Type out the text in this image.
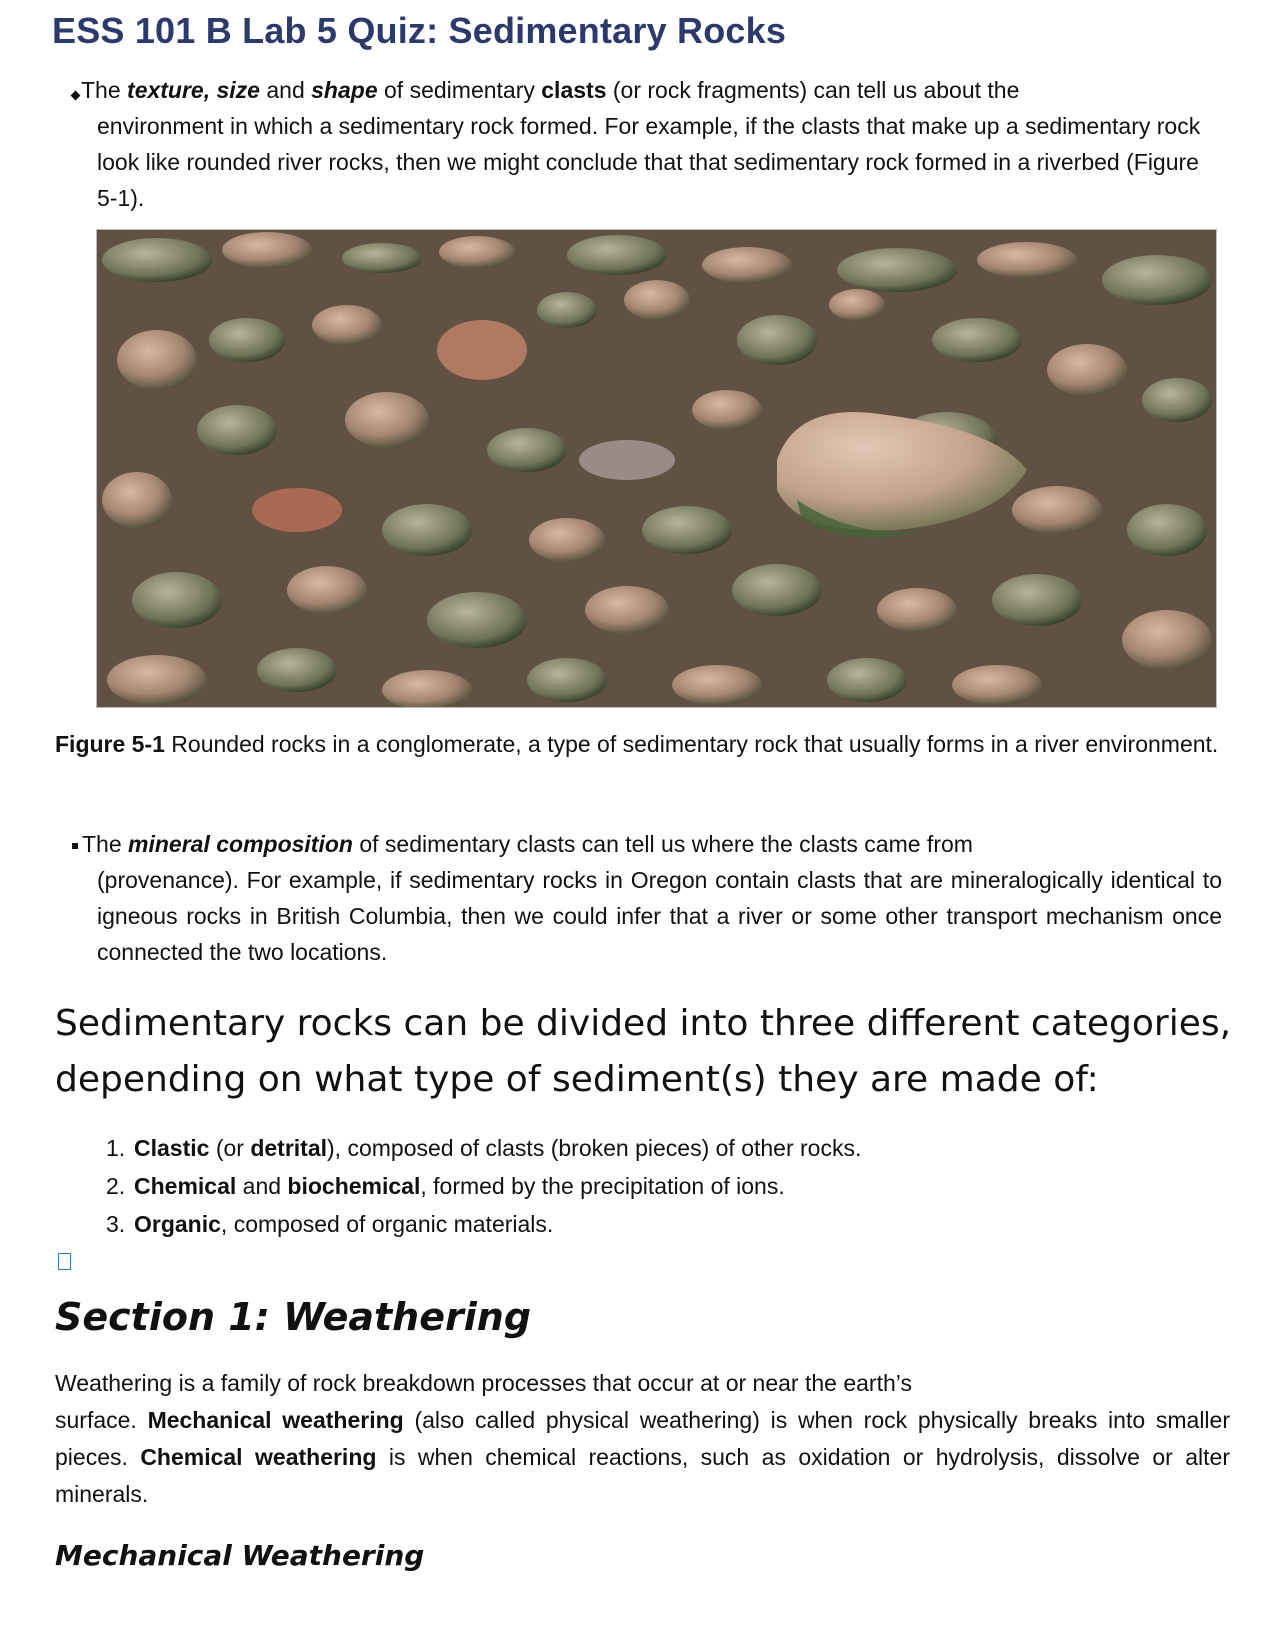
ESS 101 B Lab 5 Quiz: Sedimentary Rocks
The texture, size and shape of sedimentary clasts (or rock fragments) can tell us about the
environment in which a sedimentary rock formed. For example, if the clasts that make up a sedimentary rock look like rounded river rocks, then we might conclude that that sedimentary rock formed in a riverbed (Figure 5-1).
Figure 5-1 Rounded rocks in a conglomerate, a type of sedimentary rock that usually forms in a river environment.
The mineral composition of sedimentary clasts can tell us where the clasts came from
(provenance). For example, if sedimentary rocks in Oregon contain clasts that are mineralogically identical to igneous rocks in British Columbia, then we could infer that a river or some other transport mechanism once connected the two locations.
Sedimentary rocks can be divided into three different categories, depending on what type of sediment(s) they are made of:
1. Clastic (or detrital), composed of clasts (broken pieces) of other rocks.
2. Chemical and biochemical, formed by the precipitation of ions.
3. Organic, composed of organic materials.
Section 1: Weathering
Weathering is a family of rock breakdown processes that occur at or near the earth’s
surface. Mechanical weathering (also called physical weathering) is when rock physically breaks into smaller pieces. Chemical weathering is when chemical reactions, such as oxidation or hydrolysis, dissolve or alter minerals.
Mechanical Weathering
